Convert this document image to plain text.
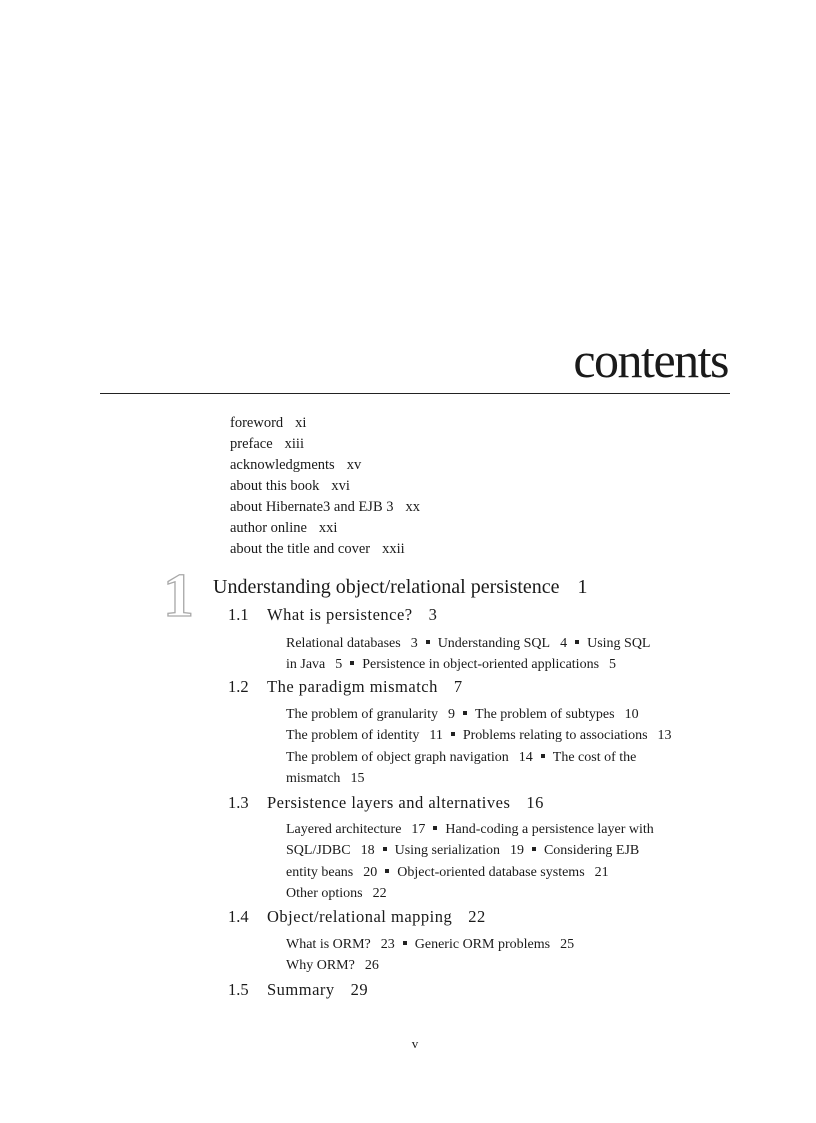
contents
foreword xi
preface xiii
acknowledgments xv
about this book xvi
about Hibernate3 and EJB 3 xx
author online xxi
about the title and cover xxii
1 Understanding object/relational persistence 1
1.1 What is persistence? 3
Relational databases 3 Understanding SQL 4 Using SQL
in Java 5 Persistence in object-oriented applications 5
1.2 The paradigm mismatch 7
The problem of granularity 9 The problem of subtypes 10
The problem of identity 11 Problems relating to associations 13
The problem of object graph navigation 14 The cost of the
mismatch 15
1.3 Persistence layers and alternatives 16
Layered architecture 17 Hand-coding a persistence layer with
SQL/JDBC 18 Using serialization 19 Considering EJB
entity beans 20 Object-oriented database systems 21
Other options 22
1.4 Object/relational mapping 22
What is ORM? 23 Generic ORM problems 25
Why ORM? 26
1.5 Summary 29
v
